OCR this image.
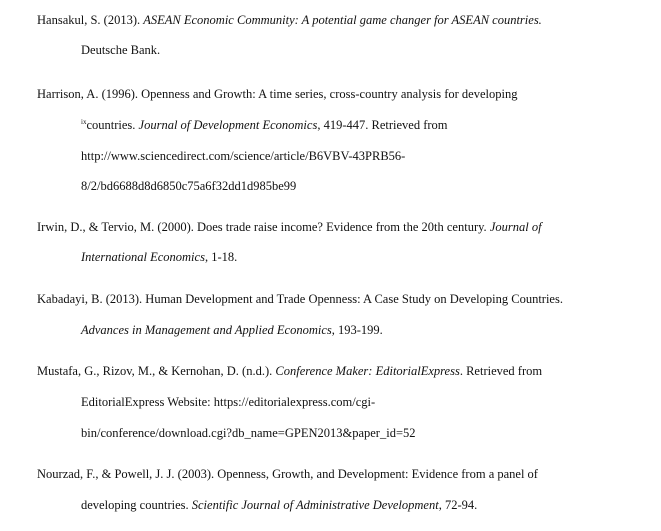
Hansakul, S. (2013). ASEAN Economic Community: A potential game changer for ASEAN countries.
Deutsche Bank.
Harrison, A. (1996). Openness and Growth: A time series, cross-country analysis for developing
$^{ix}$countries. Journal of Development Economics, 419-447. Retrieved from
http://www.sciencedirect.com/science/article/B6VBV-43PRB56-
8/2/bd6688d8d6850c75a6f32dd1d985be99
Irwin, D., & Tervio, M. (2000). Does trade raise income? Evidence from the 20th century. Journal of
International Economics, 1-18.
Kabadayi, B. (2013). Human Development and Trade Openness: A Case Study on Developing Countries.
Advances in Management and Applied Economics, 193-199.
Mustafa, G., Rizov, M., & Kernohan, D. (n.d.). Conference Maker: EditorialExpress. Retrieved from
EditorialExpress Website: https://editorialexpress.com/cgi-
bin/conference/download.cgi?db_name=GPEN2013&paper_id=52
Nourzad, F., & Powell, J. J. (2003). Openness, Growth, and Development: Evidence from a panel of
developing countries. Scientific Journal of Administrative Development, 72-94.
